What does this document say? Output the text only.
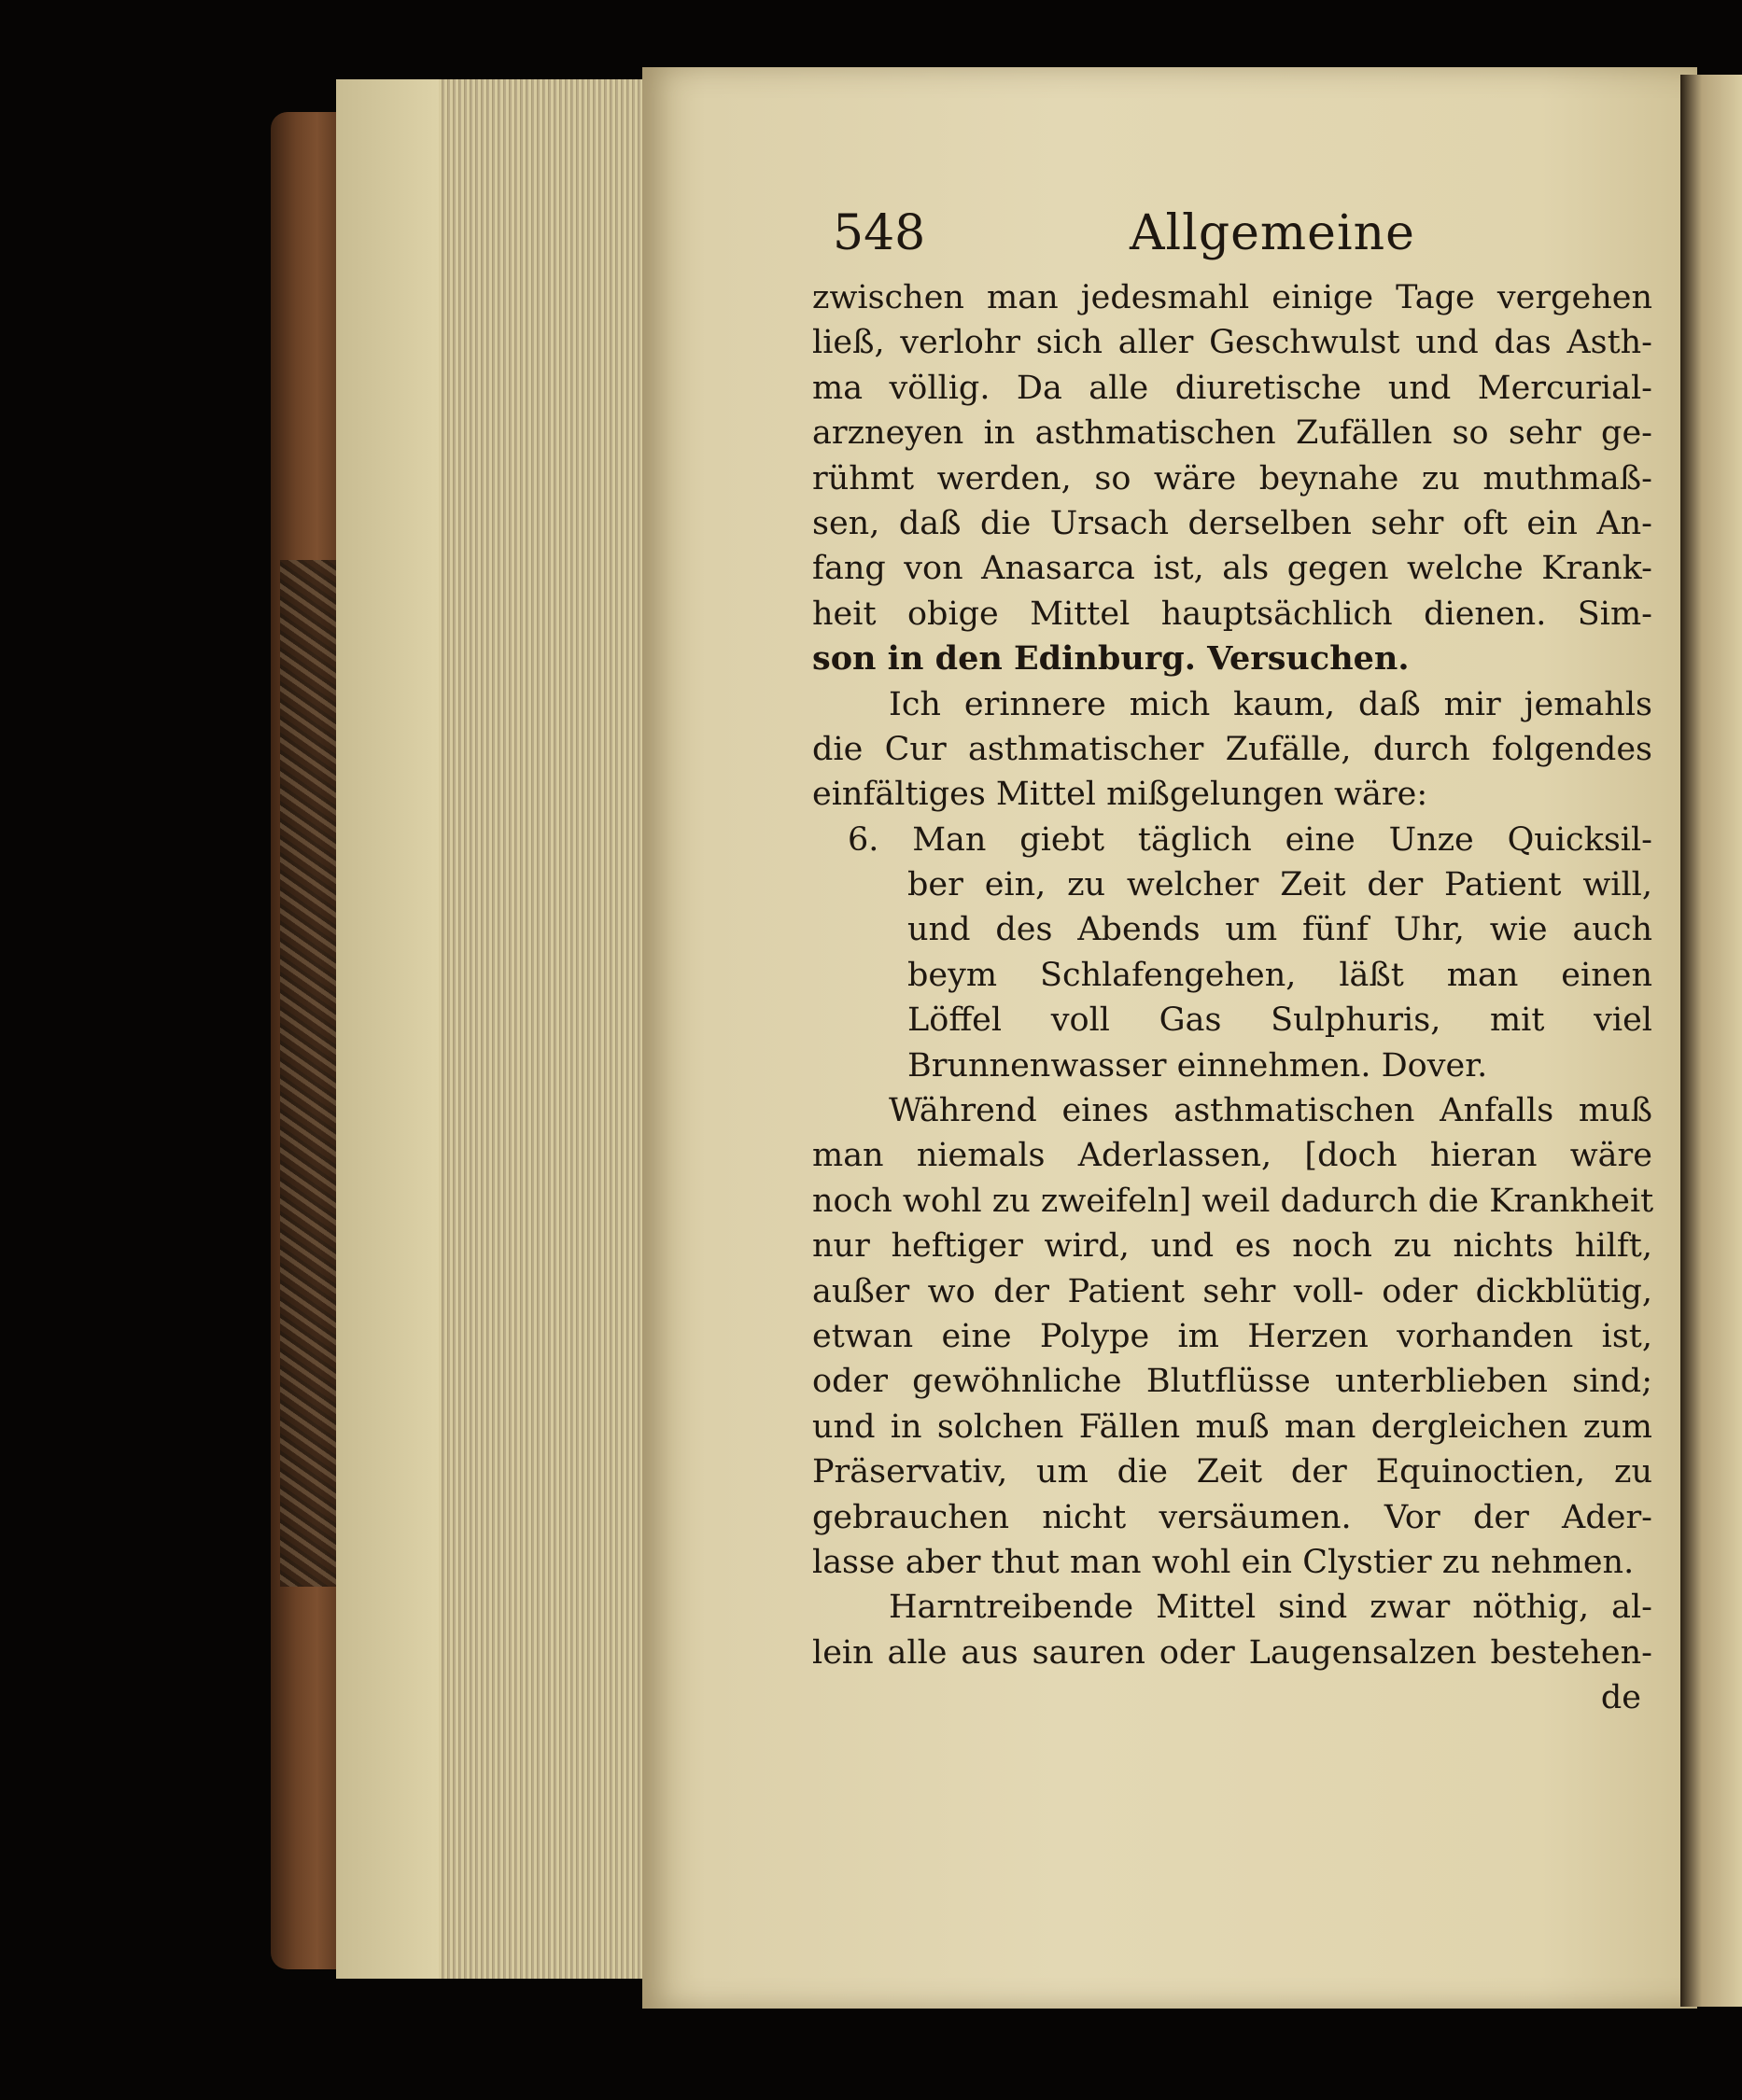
548	Allgemeine
zwischen man jedesmahl einige Tage vergehen
ließ, verlohr sich aller Geschwulst und das Asth-
ma völlig. Da alle diuretische und Mercurial-
arzneyen in asthmatischen Zufällen so sehr ge-
rühmt werden, so wäre beynahe zu muthmaß-
sen, daß die Ursach derselben sehr oft ein An-
fang von Anasarca ist, als gegen welche Krank-
heit obige Mittel hauptsächlich dienen. Sim-
son in den Edinburg. Versuchen.
Ich erinnere mich kaum, daß mir jemahls
die Cur asthmatischer Zufälle, durch folgendes
einfältiges Mittel mißgelungen wäre:
6. Man giebt täglich eine Unze Quicksil-
ber ein, zu welcher Zeit der Patient will,
und des Abends um fünf Uhr, wie auch
beym Schlafengehen, läßt man einen
Löffel voll Gas Sulphuris, mit viel
Brunnenwasser einnehmen. Dover.
Während eines asthmatischen Anfalls muß
man niemals Aderlassen, [doch hieran wäre
noch wohl zu zweifeln] weil dadurch die Krankheit
nur heftiger wird, und es noch zu nichts hilft,
außer wo der Patient sehr voll- oder dickblütig,
etwan eine Polype im Herzen vorhanden ist,
oder gewöhnliche Blutflüsse unterblieben sind;
und in solchen Fällen muß man dergleichen zum
Präservativ, um die Zeit der Equinoctien, zu
gebrauchen nicht versäumen. Vor der Ader-
lasse aber thut man wohl ein Clystier zu nehmen.
Harntreibende Mittel sind zwar nöthig, al-
lein alle aus sauren oder Laugensalzen bestehen-
de
